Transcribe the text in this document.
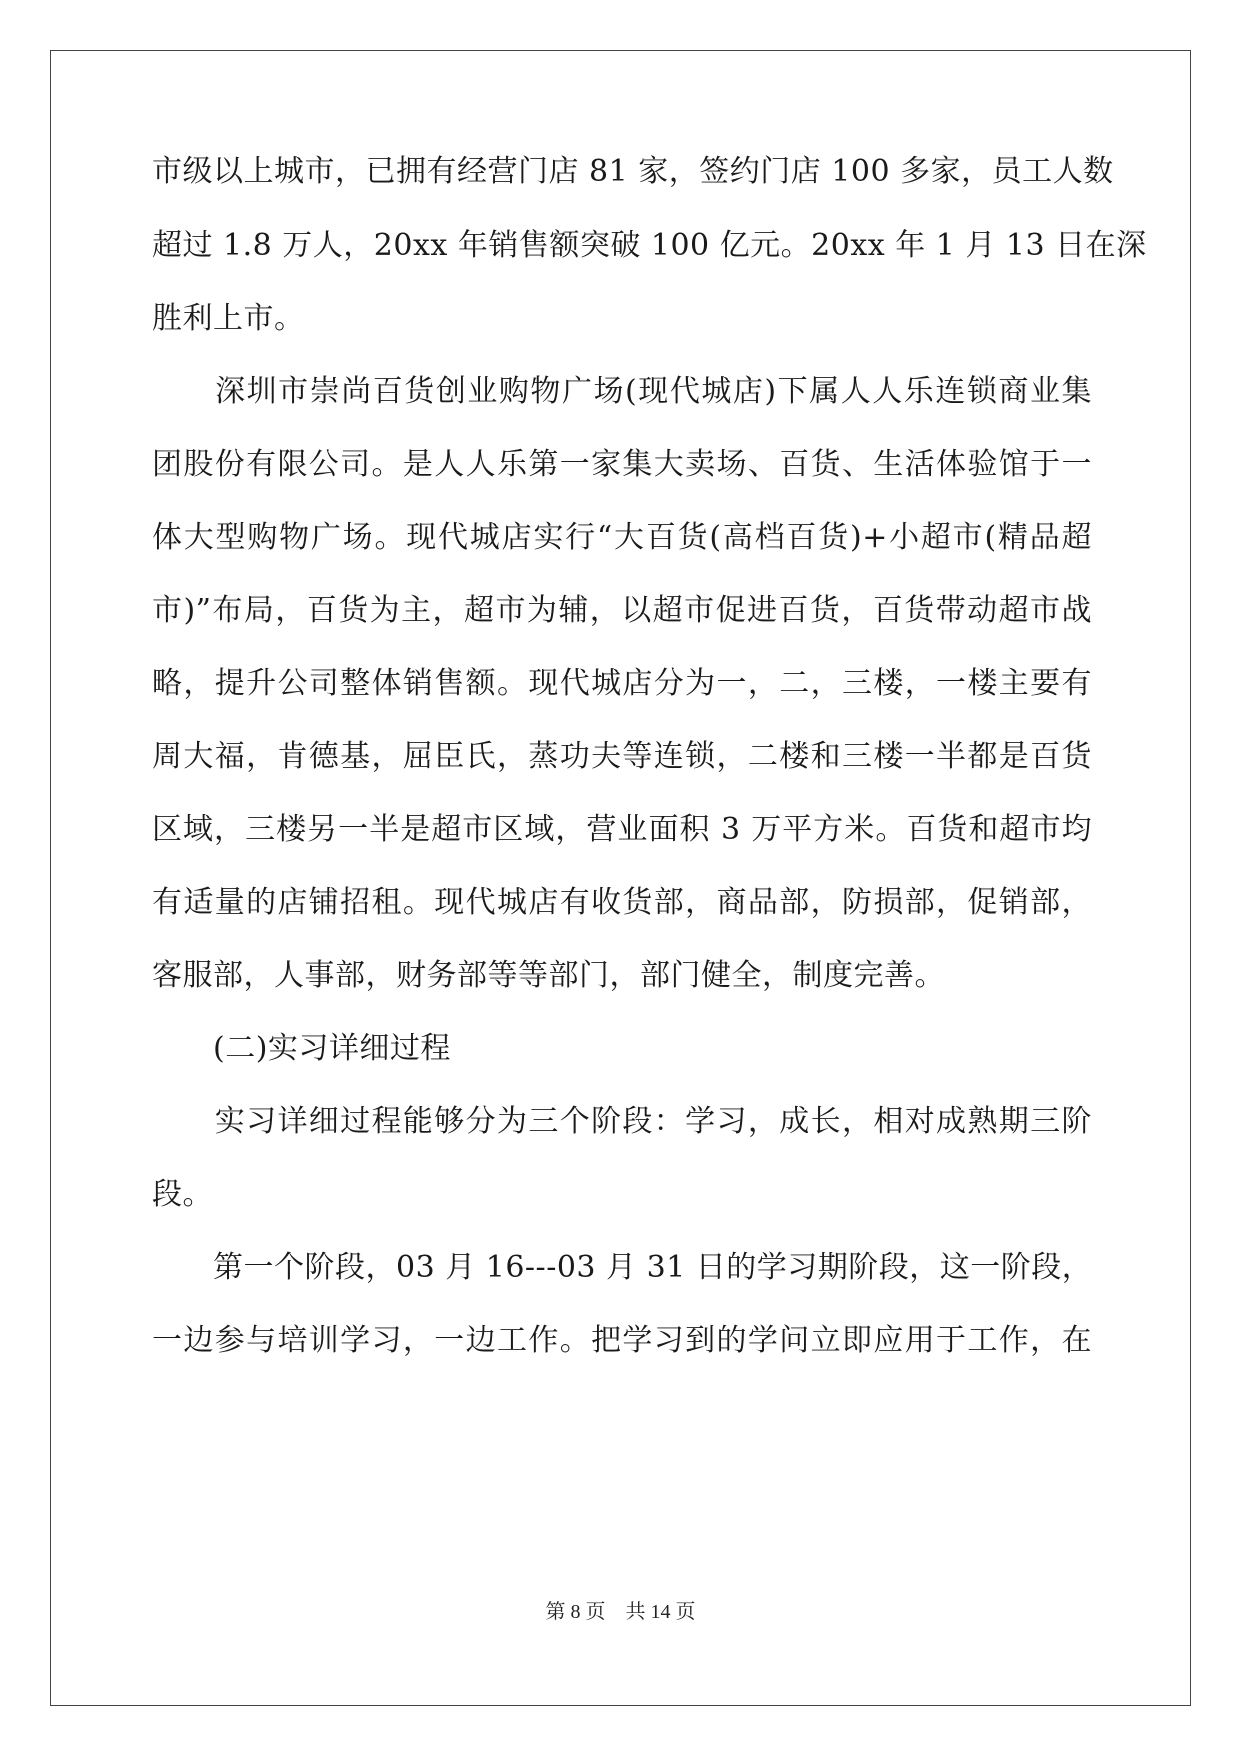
市级以上城市，已拥有经营门店 81 家，签约门店 100 多家，员工人数
超过 1.8 万人，20xx 年销售额突破 100 亿元。20xx 年 1 月 13 日在深
胜利上市。
　　深圳市崇尚百货创业购物广场(现代城店)下属人人乐连锁商业集
团股份有限公司。是人人乐第一家集大卖场、百货、生活体验馆于一
体大型购物广场。现代城店实行“大百货(高档百货)+小超市(精品超
市)”布局，百货为主，超市为辅，以超市促进百货，百货带动超市战
略，提升公司整体销售额。现代城店分为一，二，三楼，一楼主要有
周大福，肯德基，屈臣氏，蒸功夫等连锁，二楼和三楼一半都是百货
区域，三楼另一半是超市区域，营业面积 3 万平方米。百货和超市均
有适量的店铺招租。现代城店有收货部，商品部，防损部，促销部，
客服部，人事部，财务部等等部门，部门健全，制度完善。
　　(二)实习详细过程
　　实习详细过程能够分为三个阶段：学习，成长，相对成熟期三阶
段。
　　第一个阶段，03 月 16---03 月 31 日的学习期阶段，这一阶段，
一边参与培训学习，一边工作。把学习到的学问立即应用于工作，在
第 8 页　共 14 页
